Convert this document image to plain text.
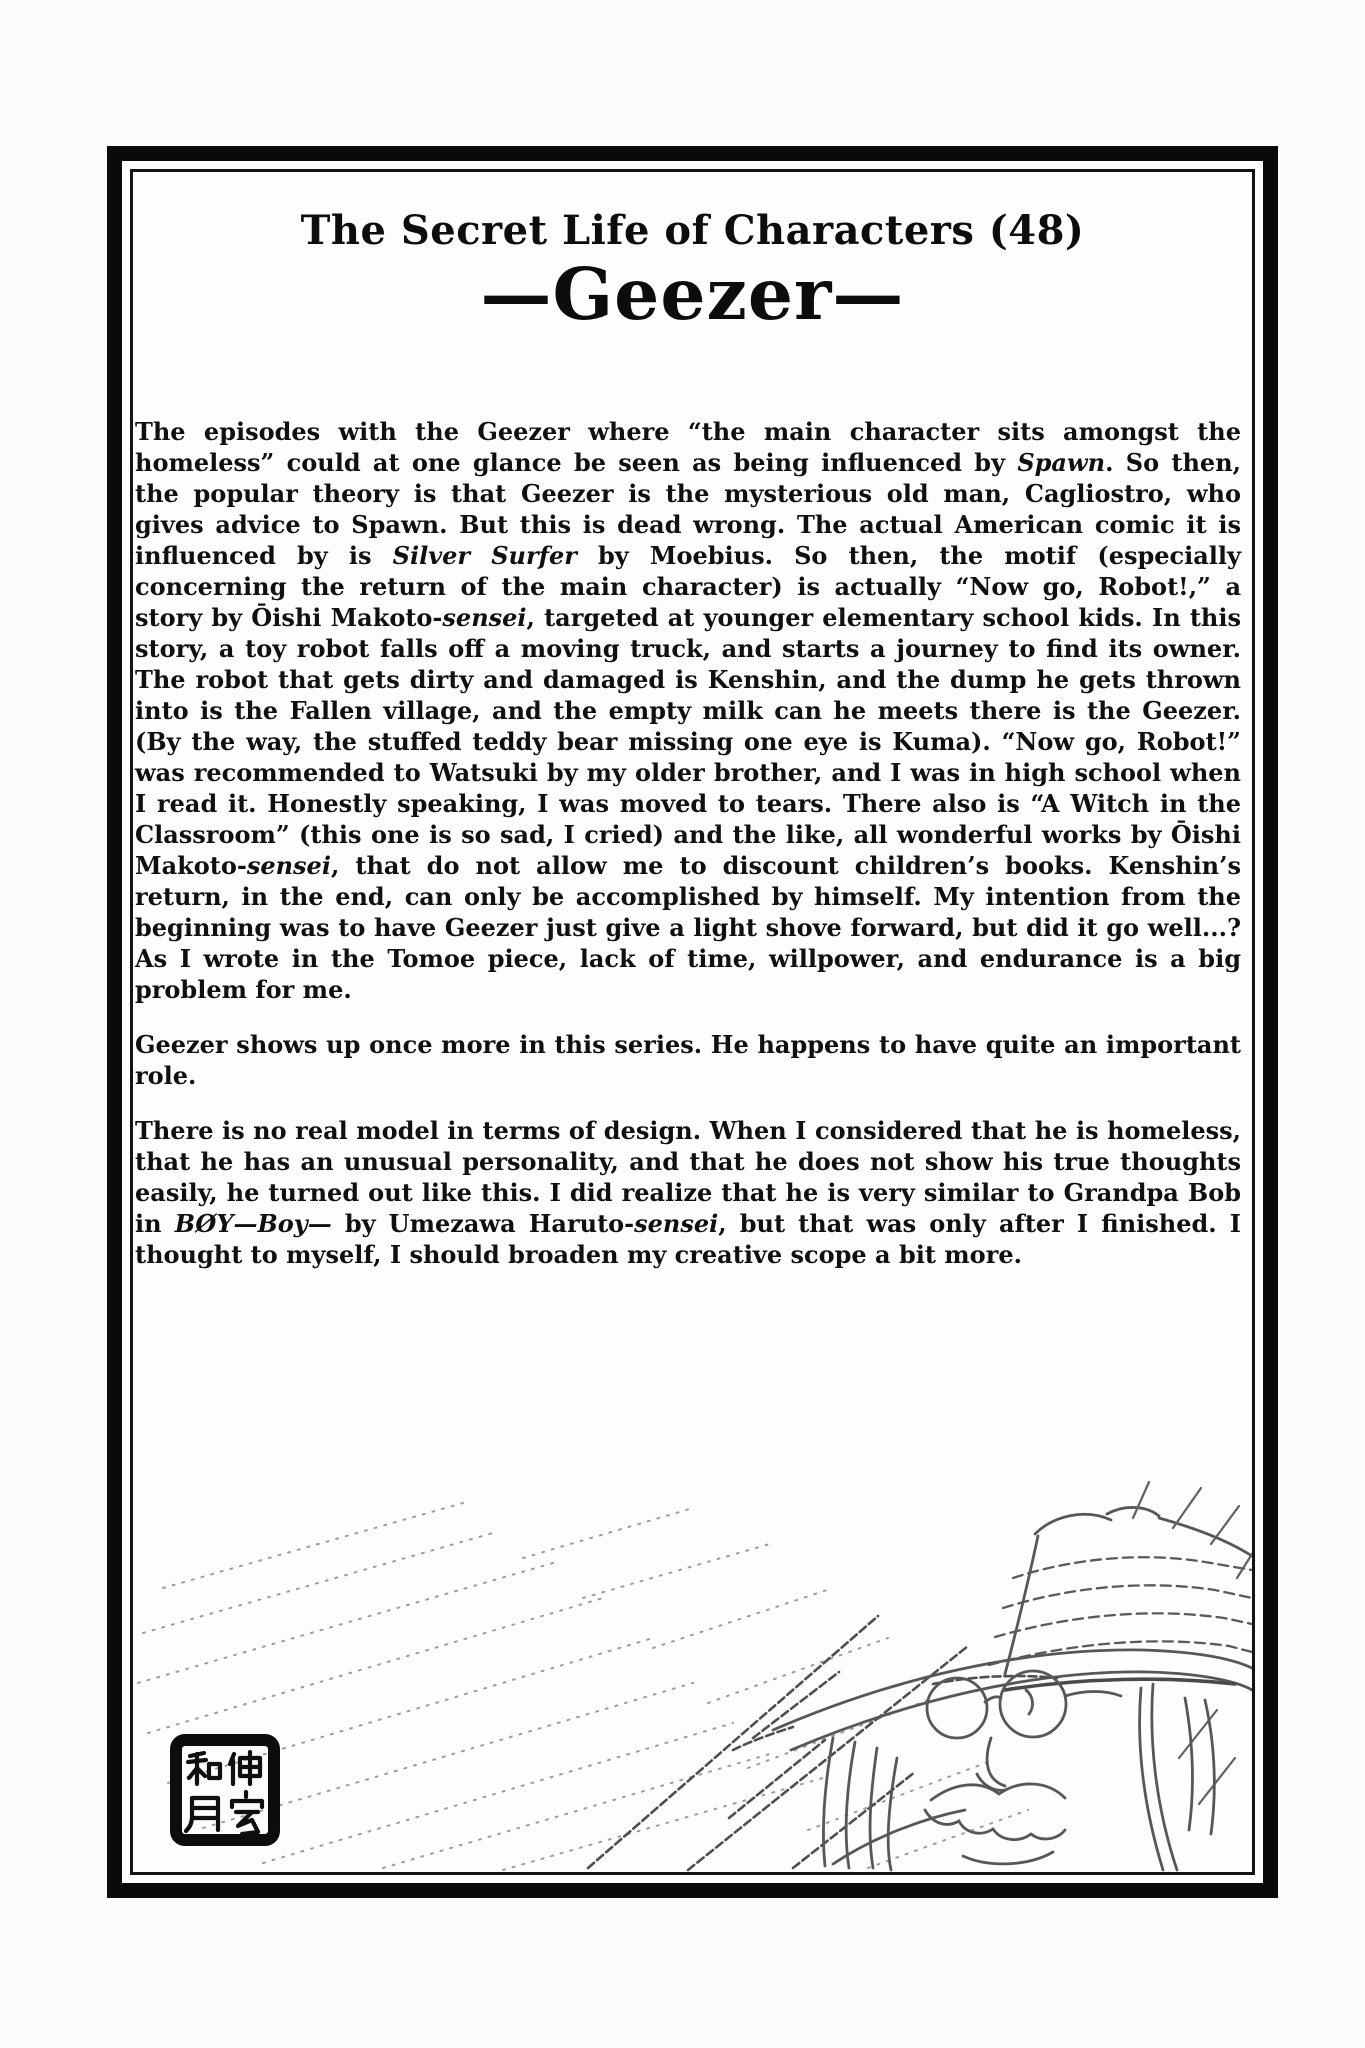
The Secret Life of Characters (48)
—Geezer—

The episodes with the Geezer where “the main character sits amongst the homeless” could at one glance be seen as being influenced by Spawn. So then, the popular theory is that Geezer is the mysterious old man, Cagliostro, who gives advice to Spawn. But this is dead wrong. The actual American comic it is influenced by is Silver Surfer by Moebius. So then, the motif (especially concerning the return of the main character) is actually “Now go, Robot!,” a story by Ōishi Makoto-sensei, targeted at younger elementary school kids. In this story, a toy robot falls off a moving truck, and starts a journey to find its owner. The robot that gets dirty and damaged is Kenshin, and the dump he gets thrown into is the Fallen village, and the empty milk can he meets there is the Geezer. (By the way, the stuffed teddy bear missing one eye is Kuma). “Now go, Robot!” was recommended to Watsuki by my older brother, and I was in high school when I read it. Honestly speaking, I was moved to tears. There also is “A Witch in the Classroom” (this one is so sad, I cried) and the like, all wonderful works by Ōishi Makoto-sensei, that do not allow me to discount children’s books. Kenshin’s return, in the end, can only be accomplished by himself. My intention from the beginning was to have Geezer just give a light shove forward, but did it go well...? As I wrote in the Tomoe piece, lack of time, willpower, and endurance is a big problem for me.

Geezer shows up once more in this series. He happens to have quite an important role.

There is no real model in terms of design. When I considered that he is homeless, that he has an unusual personality, and that he does not show his true thoughts easily, he turned out like this. I did realize that he is very similar to Grandpa Bob in BØY—Boy— by Umezawa Haruto-sensei, but that was only after I finished. I thought to myself, I should broaden my creative scope a bit more.
